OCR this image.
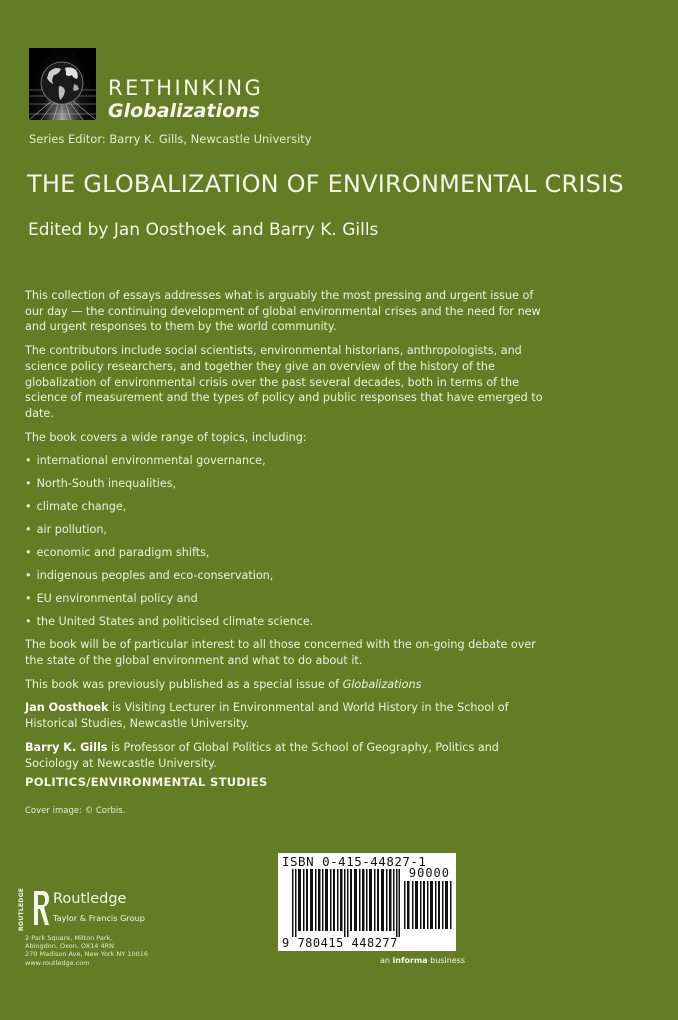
RETHINKING
Globalizations
Series Editor: Barry K. Gills, Newcastle University
THE GLOBALIZATION OF ENVIRONMENTAL CRISIS
Edited by Jan Oosthoek and Barry K. Gills

This collection of essays addresses what is arguably the most pressing and urgent issue of our day — the continuing development of global environmental crises and the need for new and urgent responses to them by the world community.

The contributors include social scientists, environmental historians, anthropologists, and science policy researchers, and together they give an overview of the history of the globalization of environmental crisis over the past several decades, both in terms of the science of measurement and the types of policy and public responses that have emerged to date.

The book covers a wide range of topics, including:

• international environmental governance,
• North-South inequalities,
• climate change,
• air pollution,
• economic and paradigm shifts,
• indigenous peoples and eco-conservation,
• EU environmental policy and
• the United States and politicised climate science.

The book will be of particular interest to all those concerned with the on-going debate over the state of the global environment and what to do about it.

This book was previously published as a special issue of Globalizations

Jan Oosthoek is Visiting Lecturer in Environmental and World History in the School of Historical Studies, Newcastle University.

Barry K. Gills is Professor of Global Politics at the School of Geography, Politics and Sociology at Newcastle University.

POLITICS/ENVIRONMENTAL STUDIES
Cover image: © Corbis.
ROUTLEDGE Routledge
Taylor & Francis Group
2 Park Square, Milton Park,
Abingdon, Oxon, OX14 4RN
270 Madison Ave, New York NY 10016
www.routledge.com
ISBN 0-415-44827-1
90000
9 780415 448277
an informa business
